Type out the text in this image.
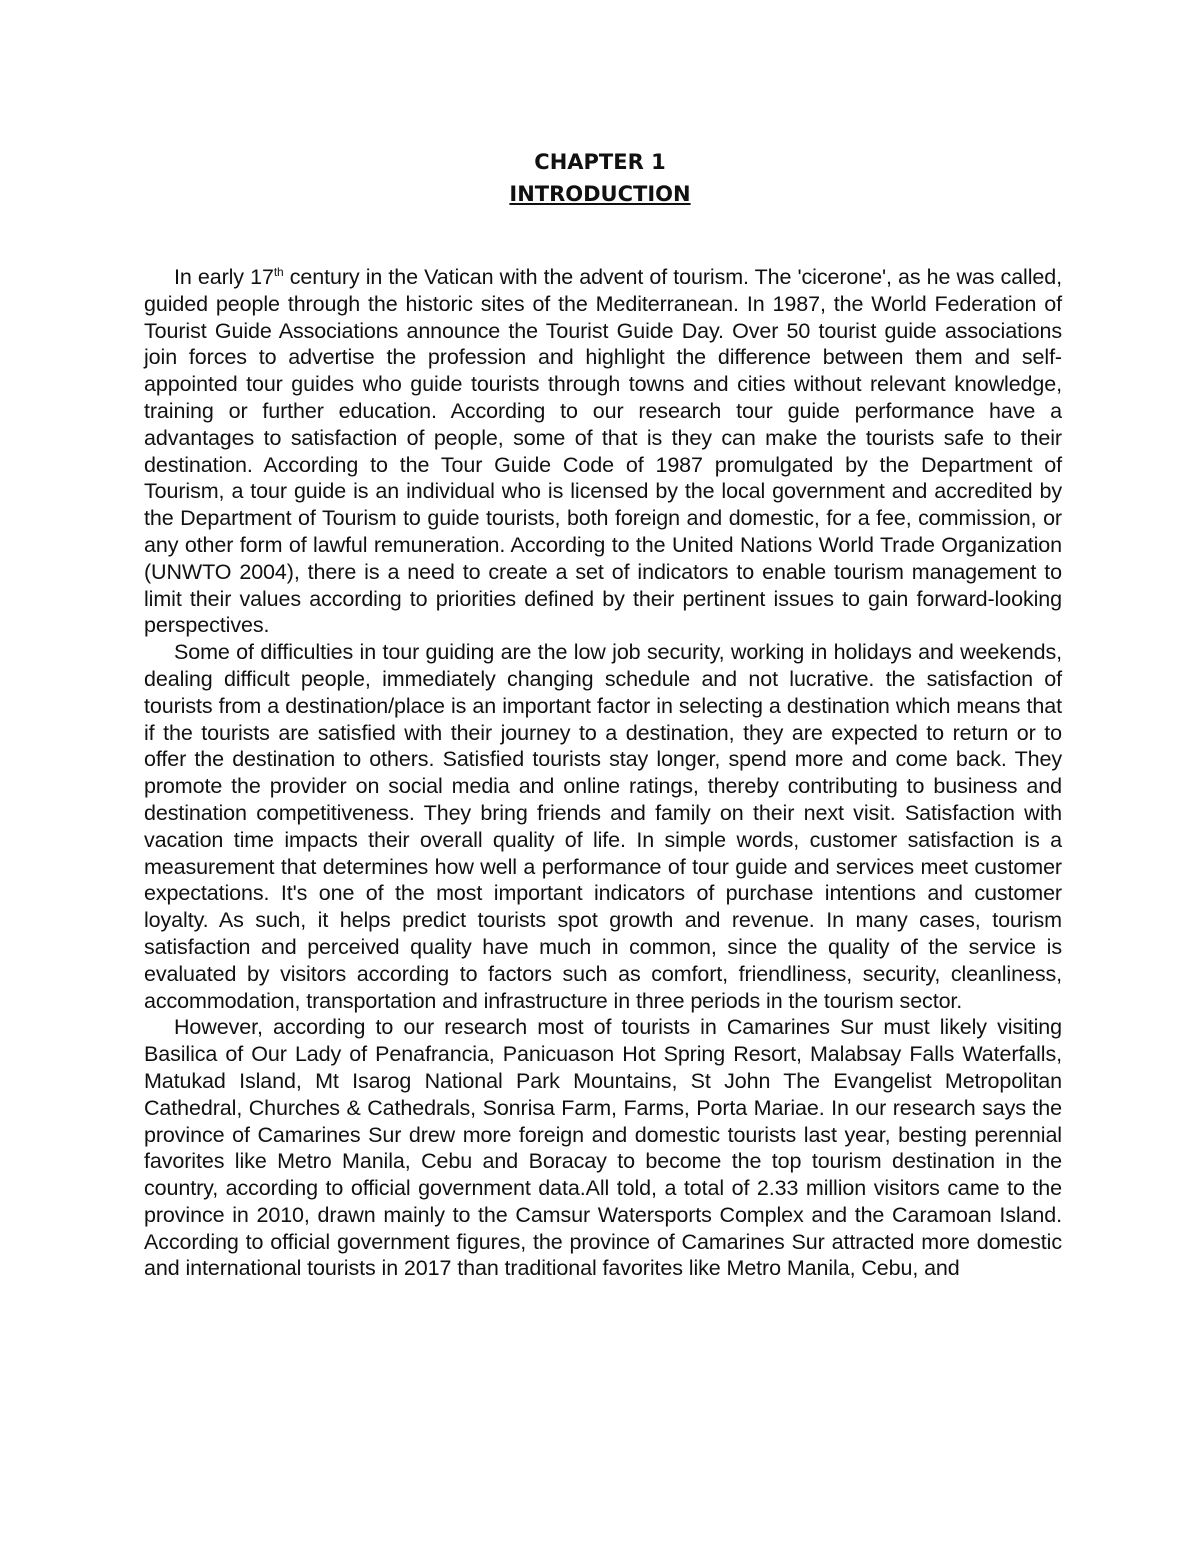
CHAPTER 1
INTRODUCTION

In early 17th century in the Vatican with the advent of tourism. The 'cicerone', as he was called, guided people through the historic sites of the Mediterranean. In 1987, the World Federation of Tourist Guide Associations announce the Tourist Guide Day. Over 50 tourist guide associations join forces to advertise the profession and highlight the difference between them and self-appointed tour guides who guide tourists through towns and cities without relevant knowledge, training or further education. According to our research tour guide performance have a advantages to satisfaction of people, some of that is they can make the tourists safe to their destination. According to the Tour Guide Code of 1987 promulgated by the Department of Tourism, a tour guide is an individual who is licensed by the local government and accredited by the Department of Tourism to guide tourists, both foreign and domestic, for a fee, commission, or any other form of lawful remuneration. According to the United Nations World Trade Organization (UNWTO 2004), there is a need to create a set of indicators to enable tourism management to limit their values according to priorities defined by their pertinent issues to gain forward-looking perspectives.

Some of difficulties in tour guiding are the low job security, working in holidays and weekends, dealing difficult people, immediately changing schedule and not lucrative. the satisfaction of tourists from a destination/place is an important factor in selecting a destination which means that if the tourists are satisfied with their journey to a destination, they are expected to return or to offer the destination to others. Satisfied tourists stay longer, spend more and come back. They promote the provider on social media and online ratings, thereby contributing to business and destination competitiveness. They bring friends and family on their next visit. Satisfaction with vacation time impacts their overall quality of life. In simple words, customer satisfaction is a measurement that determines how well a performance of tour guide and services meet customer expectations. It's one of the most important indicators of purchase intentions and customer loyalty. As such, it helps predict tourists spot growth and revenue. In many cases, tourism satisfaction and perceived quality have much in common, since the quality of the service is evaluated by visitors according to factors such as comfort, friendliness, security, cleanliness, accommodation, transportation and infrastructure in three periods in the tourism sector.

However, according to our research most of tourists in Camarines Sur must likely visiting Basilica of Our Lady of Penafrancia, Panicuason Hot Spring Resort, Malabsay Falls Waterfalls, Matukad Island, Mt Isarog National Park Mountains, St John The Evangelist Metropolitan Cathedral, Churches & Cathedrals, Sonrisa Farm, Farms, Porta Mariae. In our research says the province of Camarines Sur drew more foreign and domestic tourists last year, besting perennial favorites like Metro Manila, Cebu and Boracay to become the top tourism destination in the country, according to official government data.All told, a total of 2.33 million visitors came to the province in 2010, drawn mainly to the Camsur Watersports Complex and the Caramoan Island. According to official government figures, the province of Camarines Sur attracted more domestic and international tourists in 2017 than traditional favorites like Metro Manila, Cebu, and
